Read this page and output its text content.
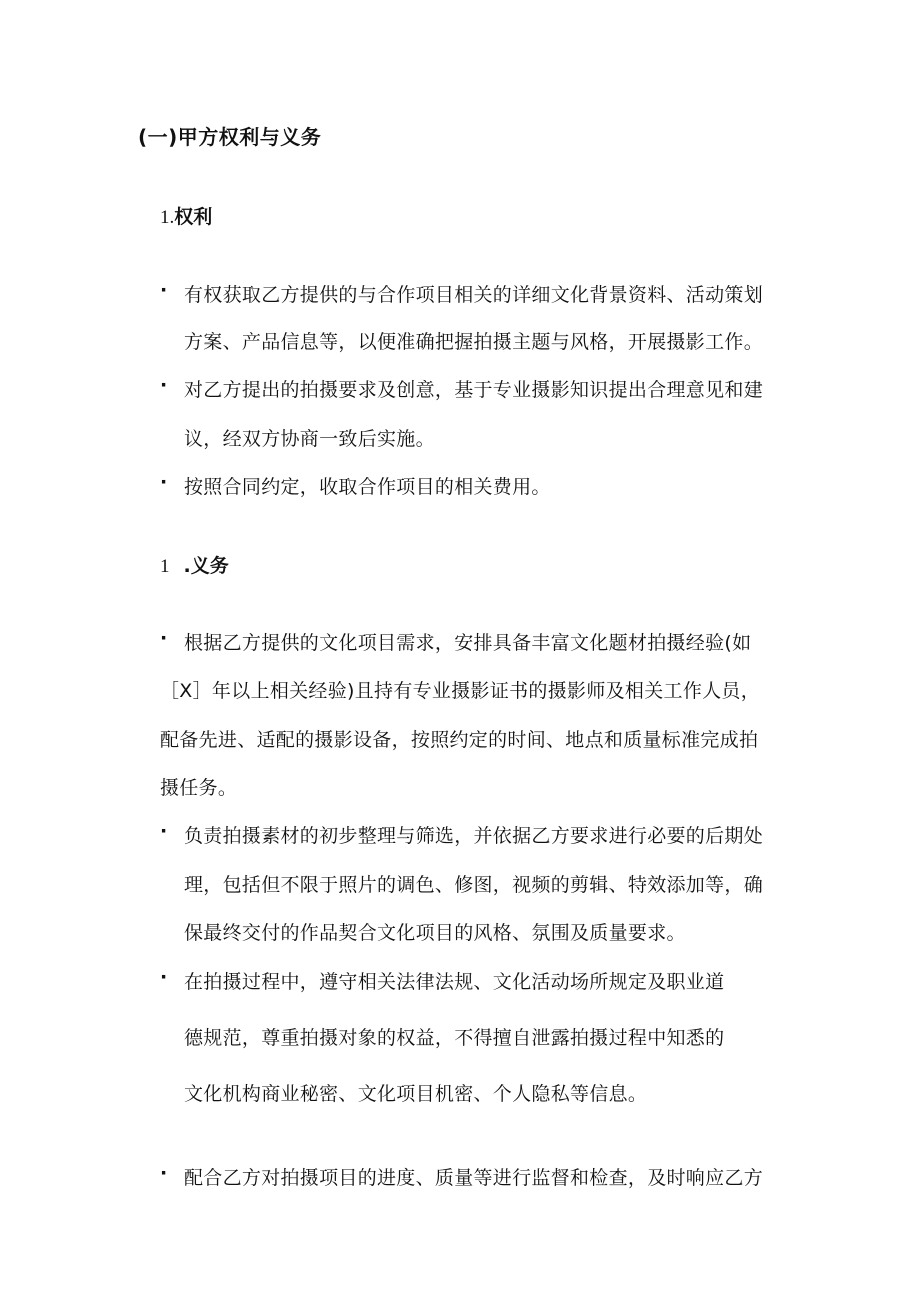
(一)甲方权利与义务
1.权利
· 有权获取乙方提供的与合作项目相关的详细文化背景资料、活动策划
方案、产品信息等，以便准确把握拍摄主题与风格，开展摄影工作。
· 对乙方提出的拍摄要求及创意，基于专业摄影知识提出合理意见和建
议，经双方协商一致后实施。
· 按照合同约定，收取合作项目的相关费用。
1 .义务
· 根据乙方提供的文化项目需求，安排具备丰富文化题材拍摄经验(如
［X］年以上相关经验)且持有专业摄影证书的摄影师及相关工作人员，
配备先进、适配的摄影设备，按照约定的时间、地点和质量标准完成拍
摄任务。
· 负责拍摄素材的初步整理与筛选，并依据乙方要求进行必要的后期处
理，包括但不限于照片的调色、修图，视频的剪辑、特效添加等，确
保最终交付的作品契合文化项目的风格、氛围及质量要求。
· 在拍摄过程中，遵守相关法律法规、文化活动场所规定及职业道
德规范，尊重拍摄对象的权益，不得擅自泄露拍摄过程中知悉的
文化机构商业秘密、文化项目机密、个人隐私等信息。
· 配合乙方对拍摄项目的进度、质量等进行监督和检查，及时响应乙方
